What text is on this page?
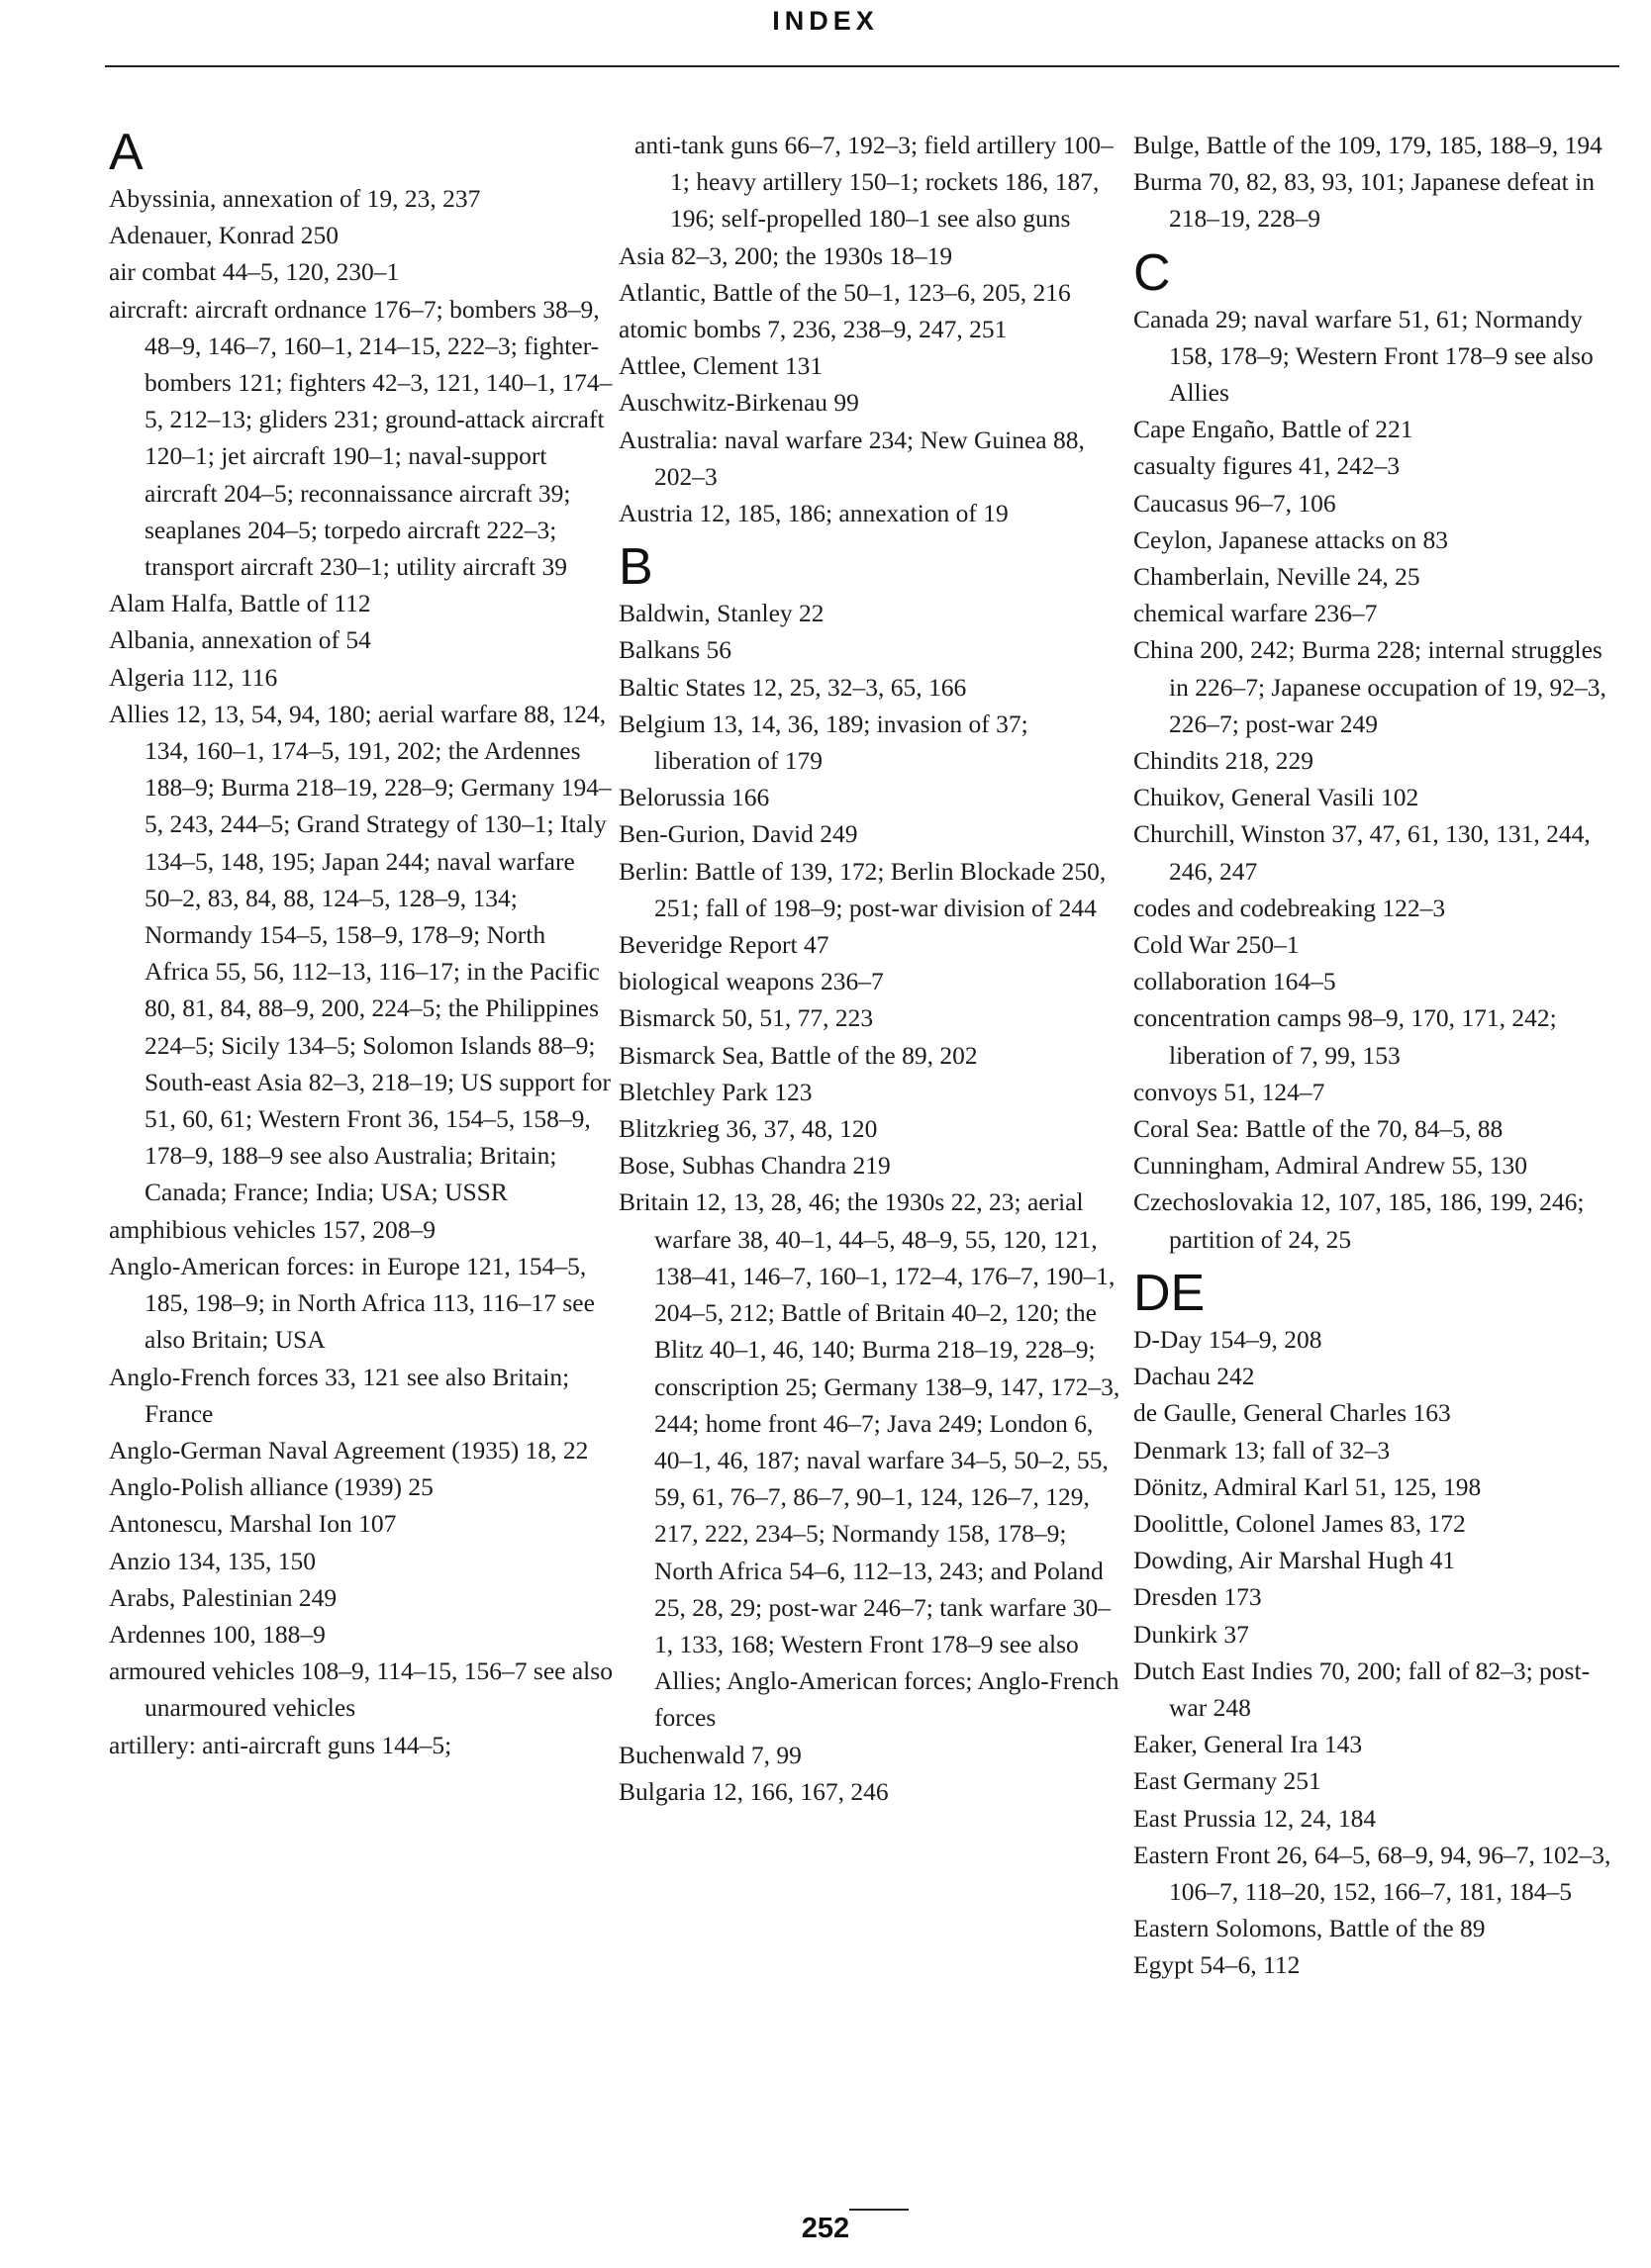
INDEX
A
Abyssinia, annexation of 19, 23, 237
Adenauer, Konrad 250
air combat 44–5, 120, 230–1
aircraft: aircraft ordnance 176–7; bombers 38–9, 48–9, 146–7, 160–1, 214–15, 222–3; fighter-bombers 121; fighters 42–3, 121, 140–1, 174–5, 212–13; gliders 231; ground-attack aircraft 120–1; jet aircraft 190–1; naval-support aircraft 204–5; reconnaissance aircraft 39; seaplanes 204–5; torpedo aircraft 222–3; transport aircraft 230–1; utility aircraft 39
Alam Halfa, Battle of 112
Albania, annexation of 54
Algeria 112, 116
Allies 12, 13, 54, 94, 180; aerial warfare 88, 124, 134, 160–1, 174–5, 191, 202; the Ardennes 188–9; Burma 218–19, 228–9; Germany 194–5, 243, 244–5; Grand Strategy of 130–1; Italy 134–5, 148, 195; Japan 244; naval warfare 50–2, 83, 84, 88, 124–5, 128–9, 134; Normandy 154–5, 158–9, 178–9; North Africa 55, 56, 112–13, 116–17; in the Pacific 80, 81, 84, 88–9, 200, 224–5; the Philippines 224–5; Sicily 134–5; Solomon Islands 88–9; South-east Asia 82–3, 218–19; US support for 51, 60, 61; Western Front 36, 154–5, 158–9, 178–9, 188–9 see also Australia; Britain; Canada; France; India; USA; USSR
amphibious vehicles 157, 208–9
Anglo-American forces: in Europe 121, 154–5, 185, 198–9; in North Africa 113, 116–17 see also Britain; USA
Anglo-French forces 33, 121 see also Britain; France
Anglo-German Naval Agreement (1935) 18, 22
Anglo-Polish alliance (1939) 25
Antonescu, Marshal Ion 107
Anzio 134, 135, 150
Arabs, Palestinian 249
Ardennes 100, 188–9
armoured vehicles 108–9, 114–15, 156–7 see also unarmoured vehicles
artillery: anti-aircraft guns 144–5;
anti-tank guns 66–7, 192–3; field artillery 100–1; heavy artillery 150–1; rockets 186, 187, 196; self-propelled 180–1 see also guns
Asia 82–3, 200; the 1930s 18–19
Atlantic, Battle of the 50–1, 123–6, 205, 216
atomic bombs 7, 236, 238–9, 247, 251
Attlee, Clement 131
Auschwitz-Birkenau 99
Australia: naval warfare 234; New Guinea 88, 202–3
Austria 12, 185, 186; annexation of 19
B
Baldwin, Stanley 22
Balkans 56
Baltic States 12, 25, 32–3, 65, 166
Belgium 13, 14, 36, 189; invasion of 37; liberation of 179
Belorussia 166
Ben-Gurion, David 249
Berlin: Battle of 139, 172; Berlin Blockade 250, 251; fall of 198–9; post-war division of 244
Beveridge Report 47
biological weapons 236–7
Bismarck 50, 51, 77, 223
Bismarck Sea, Battle of the 89, 202
Bletchley Park 123
Blitzkrieg 36, 37, 48, 120
Bose, Subhas Chandra 219
Britain 12, 13, 28, 46; the 1930s 22, 23; aerial warfare 38, 40–1, 44–5, 48–9, 55, 120, 121, 138–41, 146–7, 160–1, 172–4, 176–7, 190–1, 204–5, 212; Battle of Britain 40–2, 120; the Blitz 40–1, 46, 140; Burma 218–19, 228–9; conscription 25; Germany 138–9, 147, 172–3, 244; home front 46–7; Java 249; London 6, 40–1, 46, 187; naval warfare 34–5, 50–2, 55, 59, 61, 76–7, 86–7, 90–1, 124, 126–7, 129, 217, 222, 234–5; Normandy 158, 178–9; North Africa 54–6, 112–13, 243; and Poland 25, 28, 29; post-war 246–7; tank warfare 30–1, 133, 168; Western Front 178–9 see also Allies; Anglo-American forces; Anglo-French forces
Buchenwald 7, 99
Bulgaria 12, 166, 167, 246
Bulge, Battle of the 109, 179, 185, 188–9, 194
Burma 70, 82, 83, 93, 101; Japanese defeat in 218–19, 228–9
C
Canada 29; naval warfare 51, 61; Normandy 158, 178–9; Western Front 178–9 see also Allies
Cape Engaño, Battle of 221
casualty figures 41, 242–3
Caucasus 96–7, 106
Ceylon, Japanese attacks on 83
Chamberlain, Neville 24, 25
chemical warfare 236–7
China 200, 242; Burma 228; internal struggles in 226–7; Japanese occupation of 19, 92–3, 226–7; post-war 249
Chindits 218, 229
Chuikov, General Vasili 102
Churchill, Winston 37, 47, 61, 130, 131, 244, 246, 247
codes and codebreaking 122–3
Cold War 250–1
collaboration 164–5
concentration camps 98–9, 170, 171, 242; liberation of 7, 99, 153
convoys 51, 124–7
Coral Sea: Battle of the 70, 84–5, 88
Cunningham, Admiral Andrew 55, 130
Czechoslovakia 12, 107, 185, 186, 199, 246; partition of 24, 25
DE
D-Day 154–9, 208
Dachau 242
de Gaulle, General Charles 163
Denmark 13; fall of 32–3
Dönitz, Admiral Karl 51, 125, 198
Doolittle, Colonel James 83, 172
Dowding, Air Marshal Hugh 41
Dresden 173
Dunkirk 37
Dutch East Indies 70, 200; fall of 82–3; post-war 248
Eaker, General Ira 143
East Germany 251
East Prussia 12, 24, 184
Eastern Front 26, 64–5, 68–9, 94, 96–7, 102–3, 106–7, 118–20, 152, 166–7, 181, 184–5
Eastern Solomons, Battle of the 89
Egypt 54–6, 112
252
